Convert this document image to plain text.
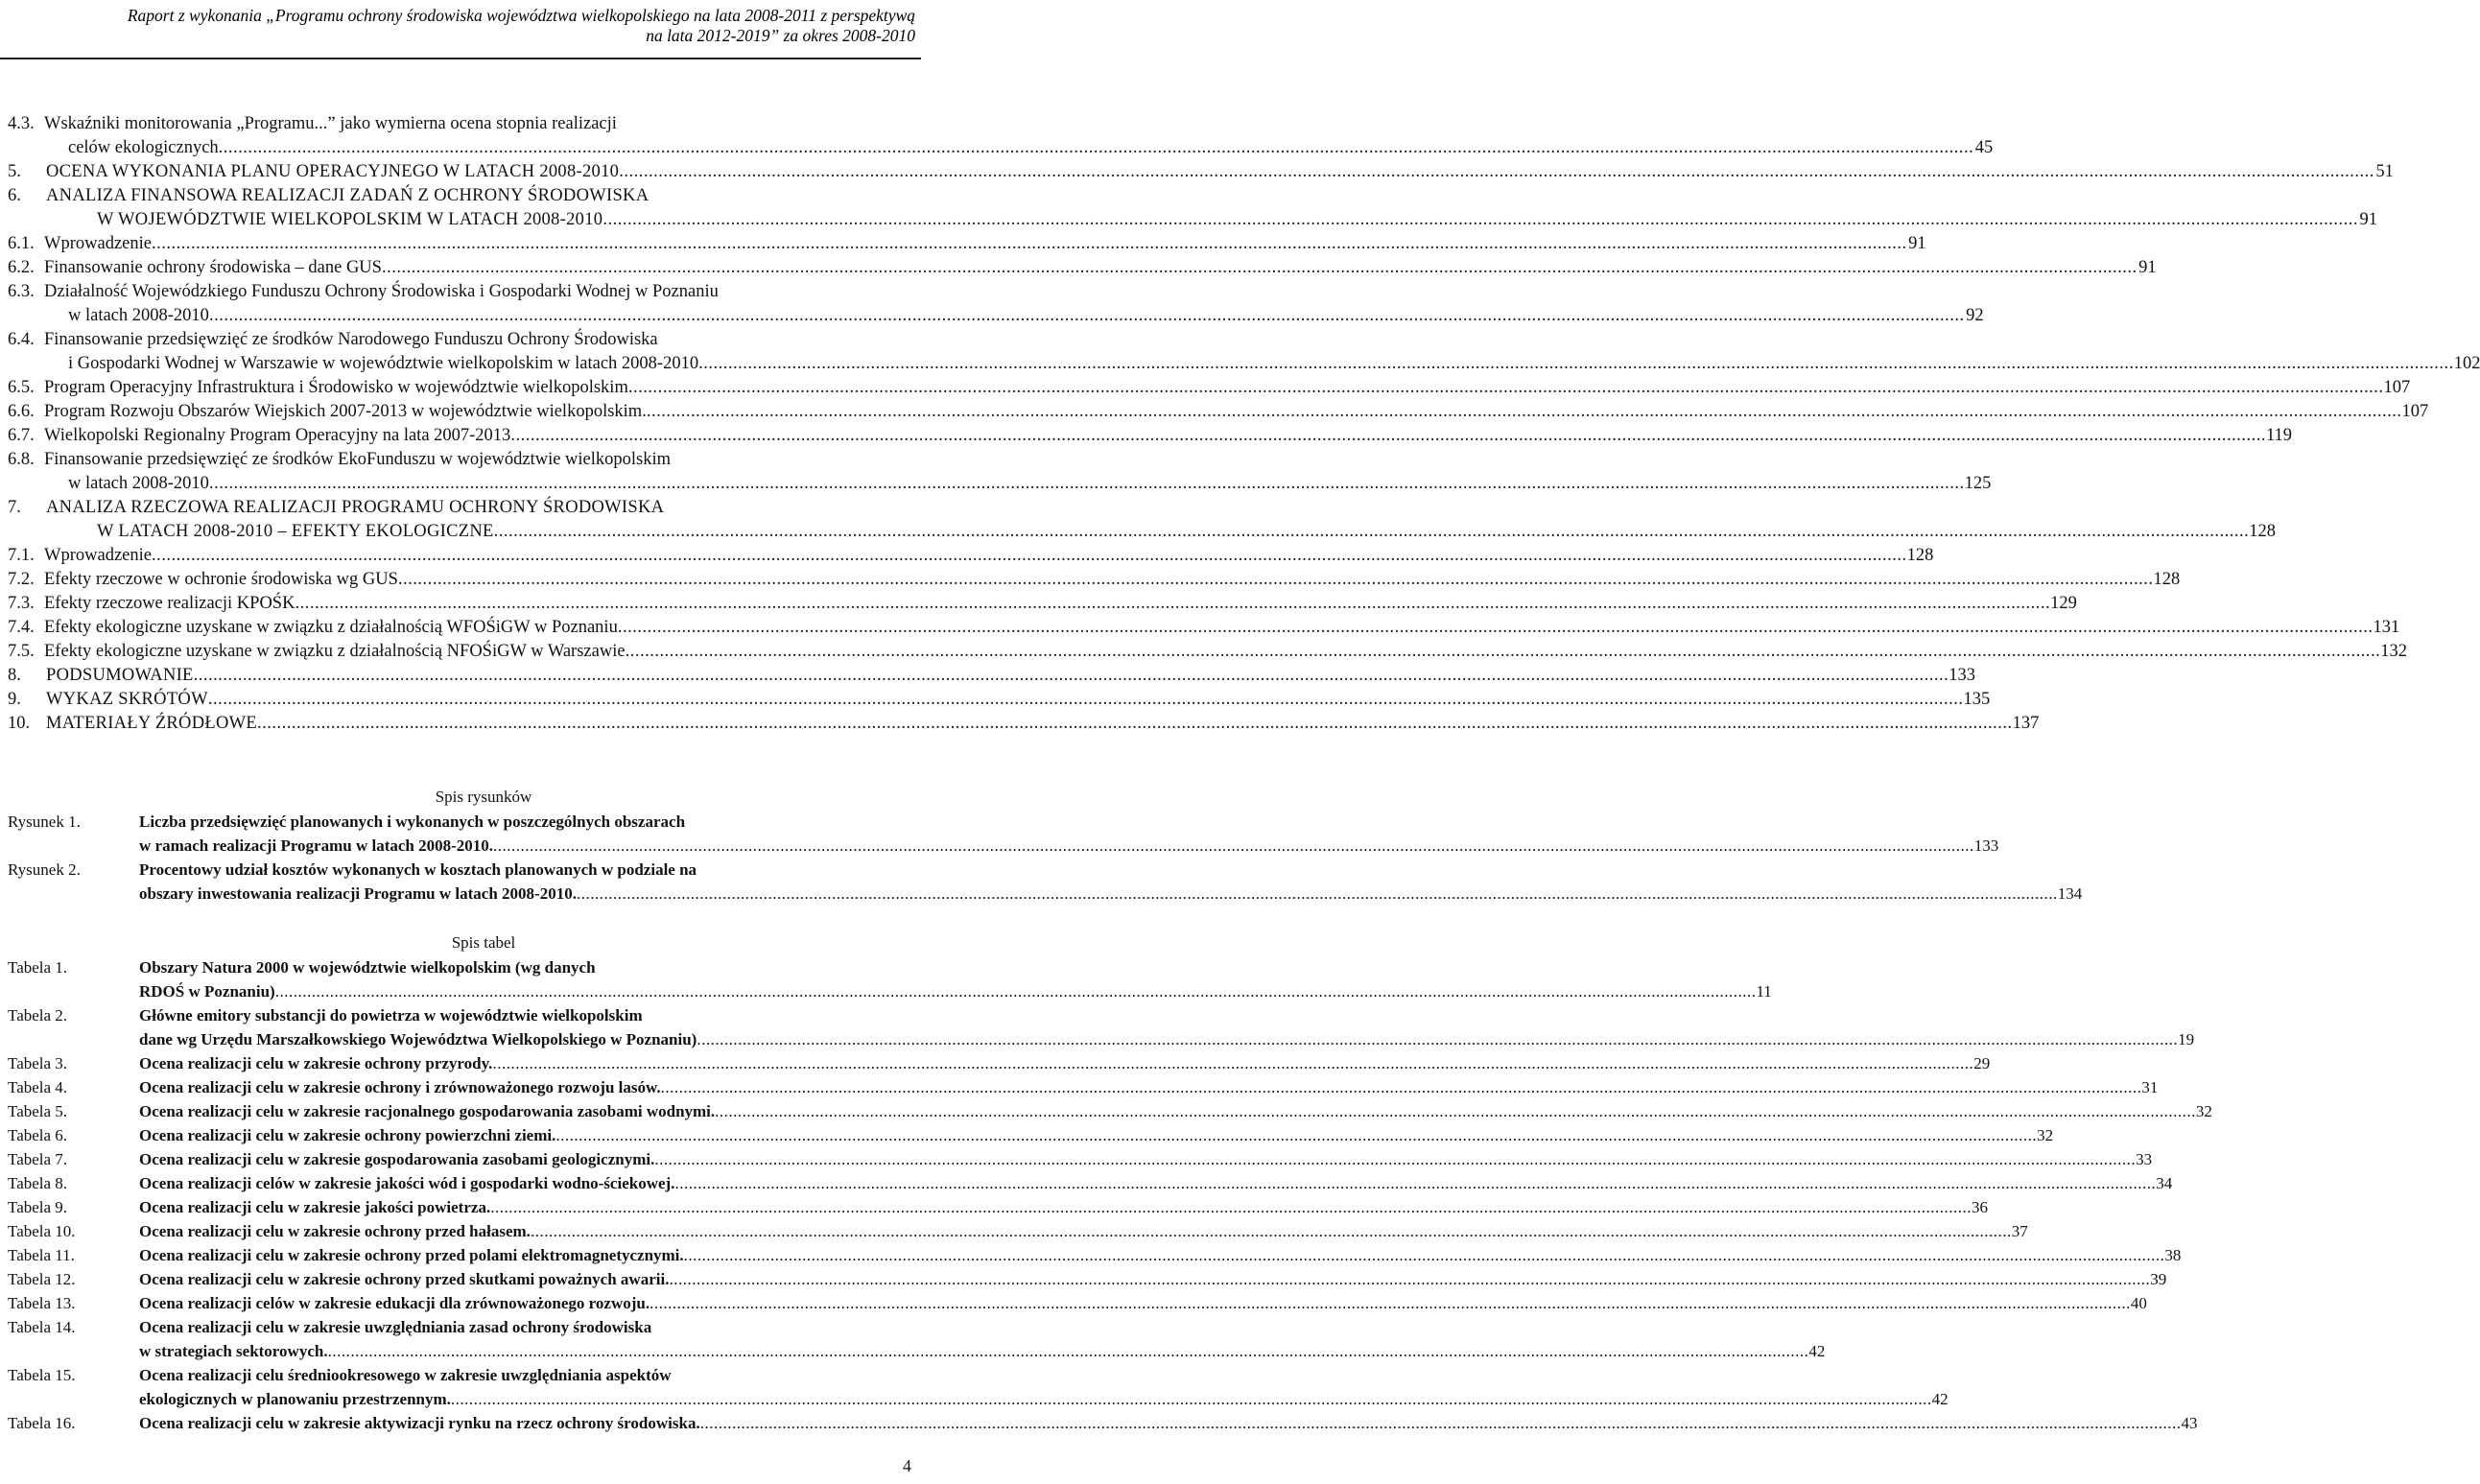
Raport z wykonania „Programu ochrony środowiska województwa wielkopolskiego na lata 2008-2011 z perspektywą
na lata 2012-2019” za okres 2008-2010
4.3. Wskaźniki monitorowania „Programu...” jako wymierna ocena stopnia realizacji
celów ekologicznych .....	45
5.	OCENA WYKONANIA PLANU OPERACYJNEGO W LATACH 2008-2010 .....	51
6.	ANALIZA FINANSOWA REALIZACJI ZADAŃ Z OCHRONY ŚRODOWISKA
W WOJEWÓDZTWIE WIELKOPOLSKIM W LATACH 2008-2010 .....	91
6.1. Wprowadzenie .....	91
6.2. Finansowanie ochrony środowiska – dane GUS .....	91
6.3. Działalność Wojewódzkiego Funduszu Ochrony Środowiska i Gospodarki Wodnej w Poznaniu
w latach 2008-2010 .....	92
6.4. Finansowanie przedsięwzięć ze środków Narodowego Funduszu Ochrony Środowiska
i Gospodarki Wodnej w Warszawie w województwie wielkopolskim w latach 2008-2010 .....	102
6.5. Program Operacyjny Infrastruktura i Środowisko w województwie wielkopolskim .....	107
6.6. Program Rozwoju Obszarów Wiejskich 2007-2013 w województwie wielkopolskim. .....	107
6.7. Wielkopolski Regionalny Program Operacyjny na lata 2007-2013 .....	119
6.8. Finansowanie przedsięwzięć ze środków EkoFunduszu w województwie wielkopolskim
w latach 2008-2010 .....	125
7.	ANALIZA RZECZOWA REALIZACJI PROGRAMU OCHRONY ŚRODOWISKA
W LATACH 2008-2010 – EFEKTY EKOLOGICZNE .....	128
7.1. Wprowadzenie .....	128
7.2. Efekty rzeczowe w ochronie środowiska wg GUS .....	128
7.3. Efekty rzeczowe realizacji KPOŚK .....	129
7.4. Efekty ekologiczne uzyskane w związku z działalnością WFOŚiGW w Poznaniu .....	131
7.5. Efekty ekologiczne uzyskane w związku z działalnością NFOŚiGW w Warszawie .....	132
8.	PODSUMOWANIE .....	133
9.	WYKAZ SKRÓTÓW .....	135
10. MATERIAŁY ŹRÓDŁOWE .....	137
Spis rysunków
Rysunek 1.	Liczba przedsięwzięć planowanych i wykonanych w poszczególnych obszarach
w ramach realizacji Programu w latach 2008-2010. .....	133
Rysunek 2.	Procentowy udział kosztów wykonanych w kosztach planowanych w podziale na
obszary inwestowania realizacji Programu w latach 2008-2010. .....	134
Spis tabel
Tabela 1.	Obszary Natura 2000 w województwie wielkopolskim (wg danych
RDOŚ w Poznaniu) .....	11
Tabela 2.	Główne emitory substancji do powietrza w województwie wielkopolskim
dane wg Urzędu Marszałkowskiego Województwa Wielkopolskiego w Poznaniu) .....	19
Tabela 3.	Ocena realizacji celu w zakresie ochrony przyrody. .....	29
Tabela 4.	Ocena realizacji celu w zakresie ochrony i zrównoważonego rozwoju lasów. .....	31
Tabela 5.	Ocena realizacji celu w zakresie racjonalnego gospodarowania zasobami wodnymi. .....	32
Tabela 6.	Ocena realizacji celu w zakresie ochrony powierzchni ziemi. .....	32
Tabela 7.	Ocena realizacji celu w zakresie gospodarowania zasobami geologicznymi. .....	33
Tabela 8.	Ocena realizacji celów w zakresie jakości wód i gospodarki wodno-ściekowej. .....	34
Tabela 9.	Ocena realizacji celu w zakresie jakości powietrza. .....	36
Tabela 10.	Ocena realizacji celu w zakresie ochrony przed hałasem. .....	37
Tabela 11.	Ocena realizacji celu w zakresie ochrony przed polami elektromagnetycznymi. .....	38
Tabela 12.	Ocena realizacji celu w zakresie ochrony przed skutkami poważnych awarii. .....	39
Tabela 13.	Ocena realizacji celów w zakresie edukacji dla zrównoważonego rozwoju. .....	40
Tabela 14.	Ocena realizacji celu w zakresie uwzględniania zasad ochrony środowiska
w strategiach sektorowych. .....	42
Tabela 15.	Ocena realizacji celu średniookresowego w zakresie uwzględniania aspektów
ekologicznych w planowaniu przestrzennym. .....	42
Tabela 16.	Ocena realizacji celu w zakresie aktywizacji rynku na rzecz ochrony środowiska. .....	43
4
